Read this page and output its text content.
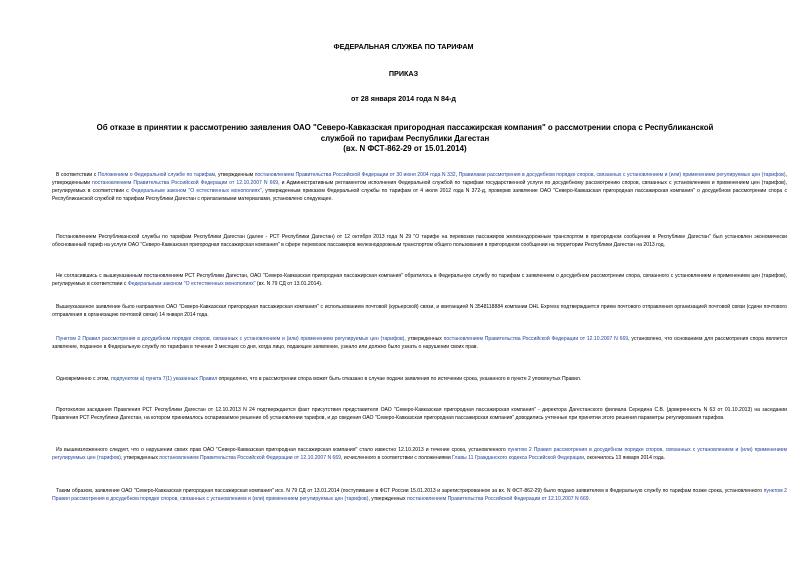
ФЕДЕРАЛЬНАЯ СЛУЖБА ПО ТАРИФАМ
ПРИКАЗ
от 28 января 2014 года N 84-д
Об отказе в принятии к рассмотрению заявления ОАО "Северо-Кавказская пригородная пассажирская компания" о рассмотрении спора с Республиканской
службой по тарифам Республики Дагестан
(вх. N ФСТ-862-29 от 15.01.2014)

В соответствии с Положением о Федеральной службе по тарифам, утвержденным постановлением Правительства Российской Федерации от 30 июня 2004 года N 332, Правилами рассмотрения в досудебном порядке споров, связанных с установлением и (или) применением регулируемых цен (тарифов), утвержденными постановлением Правительства Российской Федерации от 12.10.2007 N 669, и Административным регламентом исполнения Федеральной службой по тарифам государственной услуги по досудебному рассмотрению споров, связанных с установлением и применением цен (тарифов), регулируемых в соответствии с Федеральным законом "О естественных монополиях", утвержденным приказом Федеральной службы по тарифам от 4 июля 2012 года N 372-д, проверив заявление ОАО "Северо-Кавказская пригородная пассажирская компания" о досудебном рассмотрении спора с Республиканской службой по тарифам Республики Дагестан с прилагаемыми материалами, установлено следующее.

Постановлением Республиканской службы по тарифам Республики Дагестан (далее - РСТ Республики Дагестан) от 12 октября 2013 года N 29 "О тарифе на перевозки пассажиров железнодорожным транспортом в пригородном сообщении в Республике Дагестан" был установлен экономически обоснованный тариф на услуги ОАО "Северо-Кавказская пригородная пассажирская компания" в сфере перевозок пассажиров железнодорожным транспортом общего пользования в пригородном сообщении на территории Республики Дагестан на 2013 год.

Не согласившись с вышеуказанным постановлением РСТ Республики Дагестан, ОАО "Северо-Кавказская пригородная пассажирская компания" обратилось в Федеральную службу по тарифам с заявлением о досудебном рассмотрении спора, связанного с установлением и применением цен (тарифов), регулируемых в соответствии с Федеральным законом "О естественных монополиях" (вх. N 79 СД от 13.01.2014).

Вышеуказанное заявление было направлено ОАО "Северо-Кавказская пригородная пассажирская компания" с использованием почтовой (курьерской) связи, и квитанцией N 3548118884 компании DHL Express подтверждается прием почтового отправления организацией почтовой связи (сдачи почтового отправления в организацию почтовой связи) 14 января 2014 года.

Пунктом 2 Правил рассмотрения в досудебном порядке споров, связанных с установлением и (или) применением регулируемых цен (тарифов), утвержденных постановлением Правительства Российской Федерации от 12.10.2007 N 669, установлено, что основанием для рассмотрения спора является заявление, поданное в Федеральную службу по тарифам в течение 3 месяцев со дня, когда лицо, подающее заявление, узнало или должно было узнать о нарушении своих прав.

Одновременно с этим, подпунктом а) пункта 7(1) указанных Правил определено, что в рассмотрении спора может быть отказано в случае подачи заявления по истечении срока, указанного в пункте 2 упомянутых Правил.

Протоколом заседания Правления РСТ Республики Дагестан от 12.10.2013 N 24 подтверждается факт присутствия представителя ОАО "Северо-Кавказская пригородная пассажирская компания" - директора Дагестанского филиала Середина С.В. (доверенность N 63 от 01.10.2013) на заседании Правления РСТ Республики Дагестан, на котором принималось оспариваемое решение об установлении тарифов, и до сведения ОАО "Северо-Кавказская пригородная пассажирская компания" доводились учтенные при принятии этого решения параметры регулирования тарифов.

Из вышеизложенного следует, что о нарушении своих прав ОАО "Северо-Кавказская пригородная пассажирская компания" стало известно 12.10.2013 и течение срока, установленного пунктом 2 Правил рассмотрения в досудебном порядке споров, связанных с установлением и (или) применением регулируемых цен (тарифов), утвержденных постановлением Правительства Российской Федерации от 12.10.2007 N 669, исчисленного в соответствии с положениями Главы 11 Гражданского кодекса Российской Федерации, окончилось 13 января 2014 года.

Таким образом, заявление ОАО "Северо-Кавказская пригородная пассажирская компания" исх. N 79 СД от 13.01.2014 (поступившее в ФСТ России 15.01.2013 и зарегистрированное за вх. N ФСТ-862-29) было подано заявителем в Федеральную службу по тарифам позже срока, установленного пунктом 2 Правил рассмотрения в досудебном порядке споров, связанных с установлением и (или) применением регулируемых цен (тарифов), утвержденных постановлением Правительства Российской Федерации от 12.10.2007 N 669.
